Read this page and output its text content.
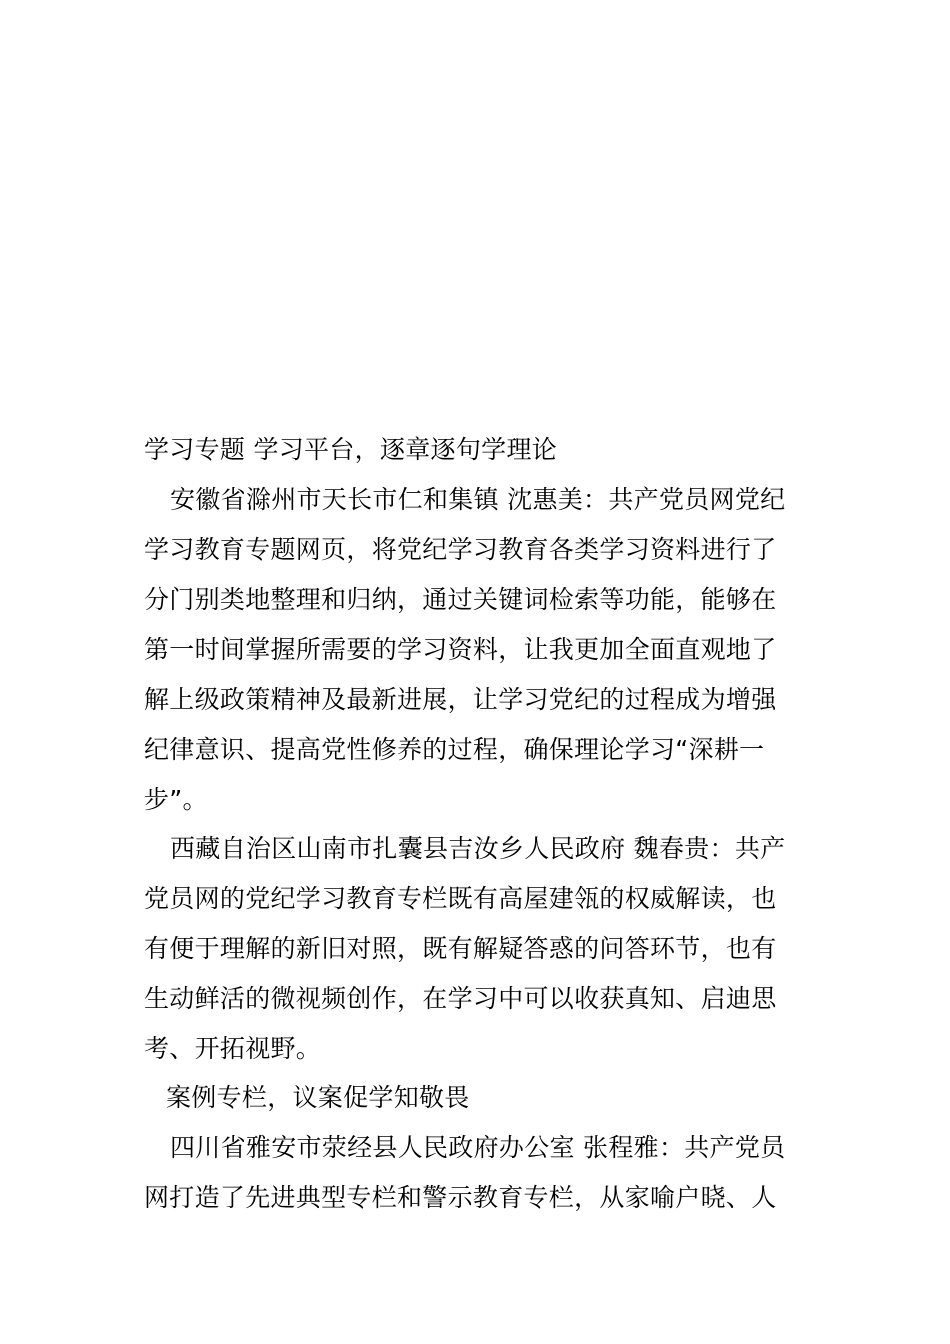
学习专题 学习平台，逐章逐句学理论
安徽省滁州市天长市仁和集镇 沈惠美：共产党员网党纪
学习教育专题网页，将党纪学习教育各类学习资料进行了
分门别类地整理和归纳，通过关键词检索等功能，能够在
第一时间掌握所需要的学习资料，让我更加全面直观地了
解上级政策精神及最新进展，让学习党纪的过程成为增强
纪律意识、提高党性修养的过程，确保理论学习“深耕一
步”。
西藏自治区山南市扎囊县吉汝乡人民政府 魏春贵：共产
党员网的党纪学习教育专栏既有高屋建瓴的权威解读，也
有便于理解的新旧对照，既有解疑答惑的问答环节，也有
生动鲜活的微视频创作，在学习中可以收获真知、启迪思
考、开拓视野。
案例专栏，议案促学知敬畏
四川省雅安市荥经县人民政府办公室 张程雅：共产党员
网打造了先进典型专栏和警示教育专栏，从家喻户晓、人
